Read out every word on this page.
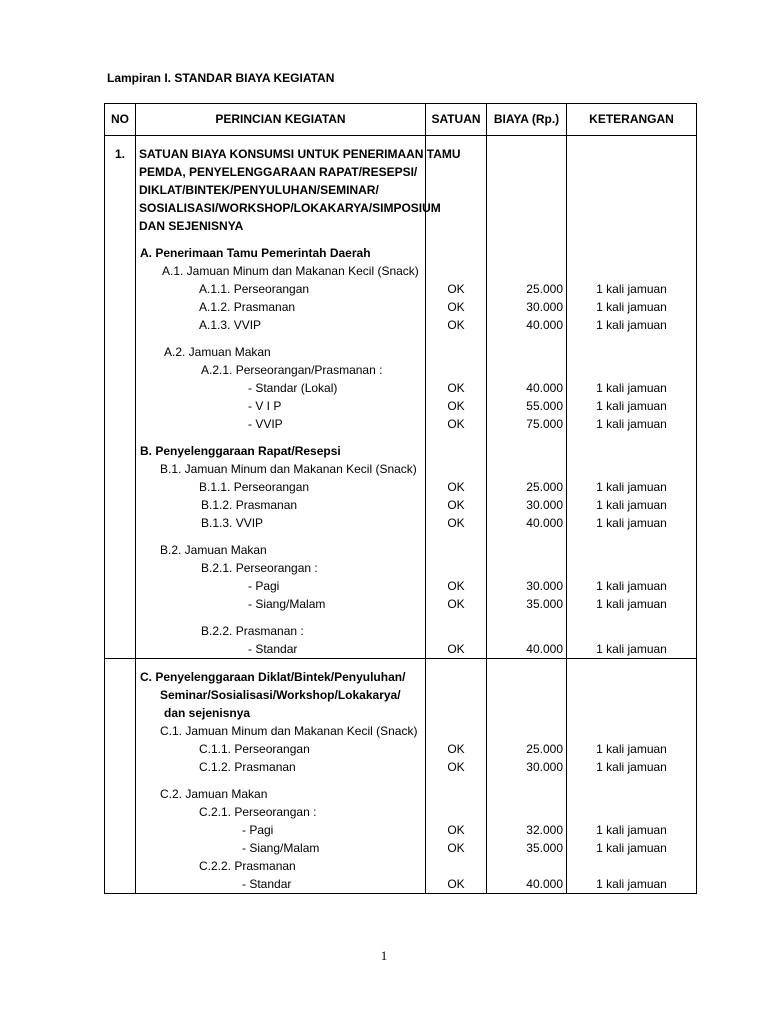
Lampiran I. STANDAR BIAYA KEGIATAN
NO	PERINCIAN KEGIATAN	SATUAN	BIAYA (Rp.)	KETERANGAN

1.	SATUAN BIAYA KONSUMSI UNTUK PENERIMAAN TAMU			
	PEMDA, PENYELENGGARAAN RAPAT/RESEPSI/			
	DIKLAT/BINTEK/PENYULUHAN/SEMINAR/			
	SOSIALISASI/WORKSHOP/LOKAKARYA/SIMPOSIUM			
	DAN SEJENISNYA			

	A. Penerimaan Tamu Pemerintah Daerah			
	A.1. Jamuan Minum dan Makanan Kecil (Snack)			
	A.1.1. Perseorangan	OK	25.000	1 kali jamuan
	A.1.2. Prasmanan	OK	30.000	1 kali jamuan
	A.1.3. VVIP	OK	40.000	1 kali jamuan

	A.2. Jamuan Makan			
	A.2.1. Perseorangan/Prasmanan :			
	- Standar (Lokal)	OK	40.000	1 kali jamuan
	- V I P	OK	55.000	1 kali jamuan
	- VVIP	OK	75.000	1 kali jamuan

	B. Penyelenggaraan Rapat/Resepsi			
	B.1. Jamuan Minum dan Makanan Kecil (Snack)			
	B.1.1. Perseorangan	OK	25.000	1 kali jamuan
	B.1.2. Prasmanan	OK	30.000	1 kali jamuan
	B.1.3. VVIP	OK	40.000	1 kali jamuan

	B.2. Jamuan Makan			
	B.2.1. Perseorangan :			
	- Pagi	OK	30.000	1 kali jamuan
	- Siang/Malam	OK	35.000	1 kali jamuan

	B.2.2. Prasmanan :			
	- Standar	OK	40.000	1 kali jamuan

	C. Penyelenggaraan Diklat/Bintek/Penyuluhan/			
	Seminar/Sosialisasi/Workshop/Lokakarya/			
	dan sejenisnya			
	C.1. Jamuan Minum dan Makanan Kecil (Snack)			
	C.1.1. Perseorangan	OK	25.000	1 kali jamuan
	C.1.2. Prasmanan	OK	30.000	1 kali jamuan

	C.2. Jamuan Makan			
	C.2.1. Perseorangan :			
	- Pagi	OK	32.000	1 kali jamuan
	- Siang/Malam	OK	35.000	1 kali jamuan
	C.2.2. Prasmanan			
	- Standar	OK	40.000	1 kali jamuan
1
